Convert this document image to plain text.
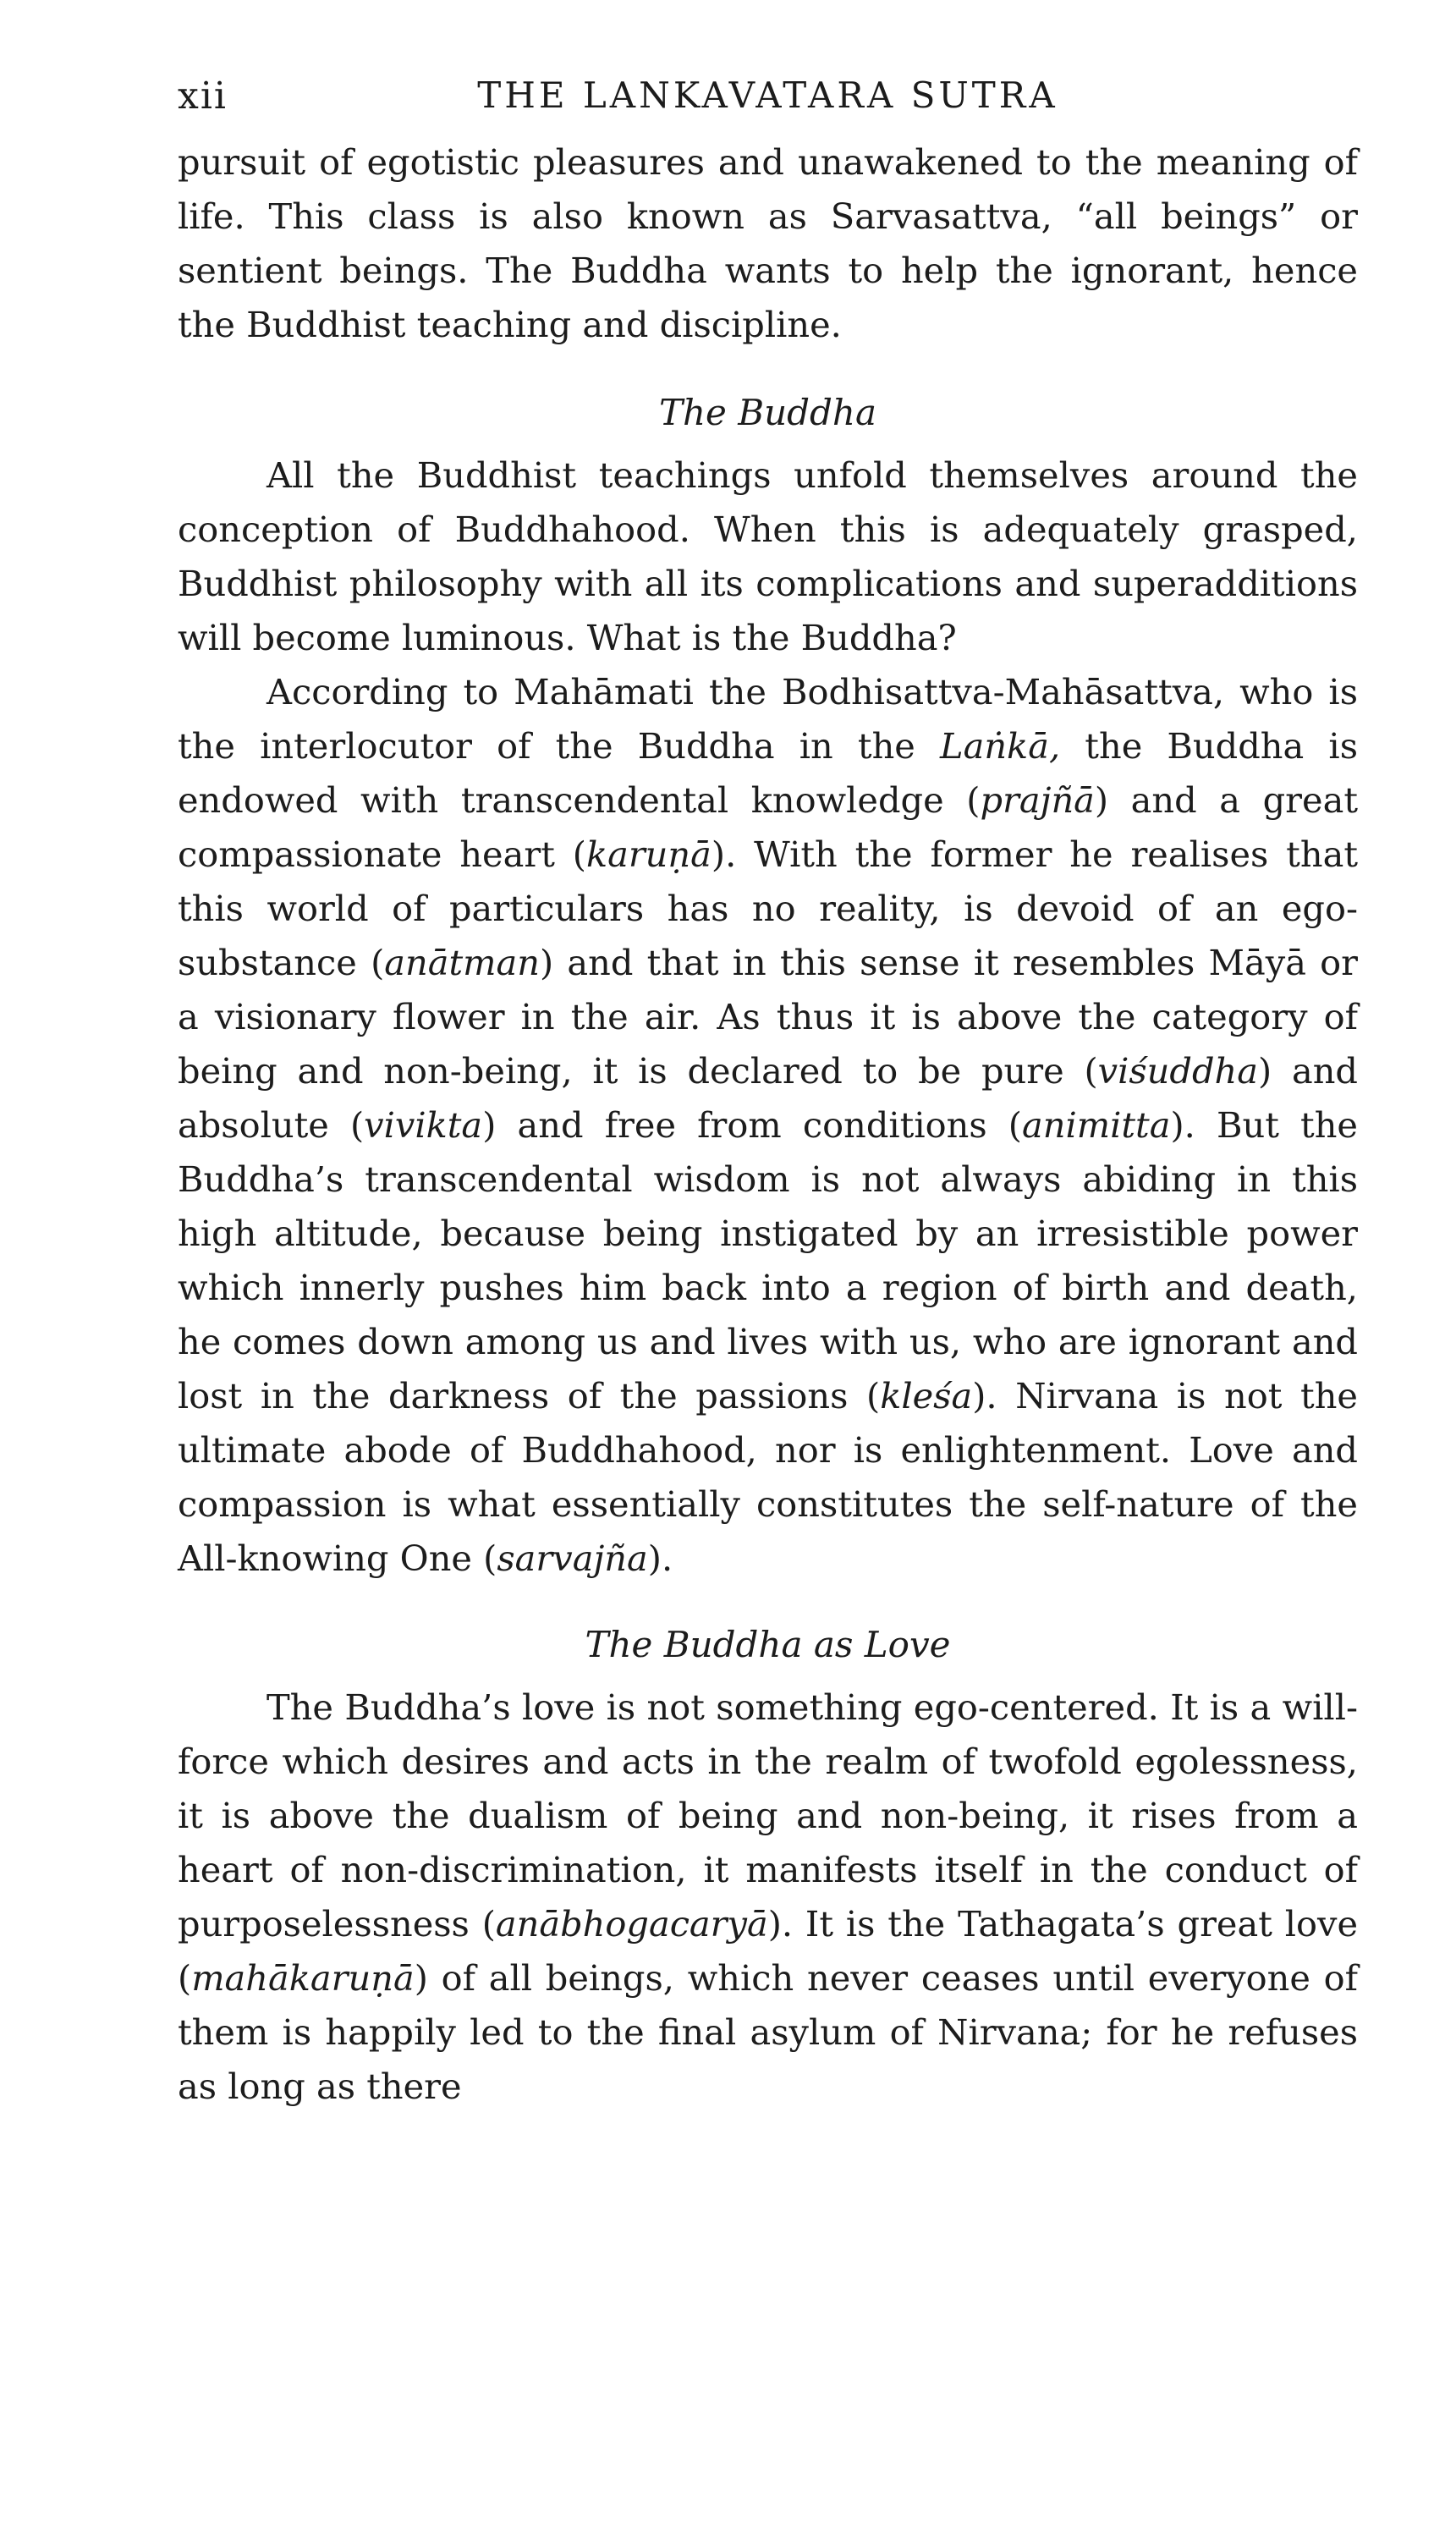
xii	THE LANKAVATARA SUTRA

pursuit of egotistic pleasures and unawakened to the meaning of life. This class is also known as Sarvasattva, “all beings” or sentient beings. The Buddha wants to help the ignorant, hence the Buddhist teaching and discipline.

The Buddha

All the Buddhist teachings unfold themselves around the conception of Buddhahood. When this is adequately grasped, Buddhist philosophy with all its complications and superadditions will become luminous. What is the Buddha?

According to Mahāmati the Bodhisattva-Mahāsattva, who is the interlocutor of the Buddha in the Laṅkā, the Buddha is endowed with transcendental knowledge (prajñā) and a great compassionate heart (karuṇā). With the former he realises that this world of particulars has no reality, is devoid of an ego-substance (anātman) and that in this sense it resembles Māyā or a visionary flower in the air. As thus it is above the category of being and non-being, it is declared to be pure (viśuddha) and absolute (vivikta) and free from conditions (animitta). But the Buddha’s transcendental wisdom is not always abiding in this high altitude, because being instigated by an irresistible power which innerly pushes him back into a region of birth and death, he comes down among us and lives with us, who are ignorant and lost in the darkness of the passions (kleśa). Nirvana is not the ultimate abode of Buddhahood, nor is enlightenment. Love and compassion is what essentially constitutes the self-nature of the All-knowing One (sarvajña).

The Buddha as Love

The Buddha’s love is not something ego-centered. It is a will-force which desires and acts in the realm of twofold egolessness, it is above the dualism of being and non-being, it rises from a heart of non-discrimination, it manifests itself in the conduct of purposelessness (anābhogacaryā). It is the Tathagata’s great love (mahākaruṇā) of all beings, which never ceases until everyone of them is happily led to the final asylum of Nirvana; for he refuses as long as there
